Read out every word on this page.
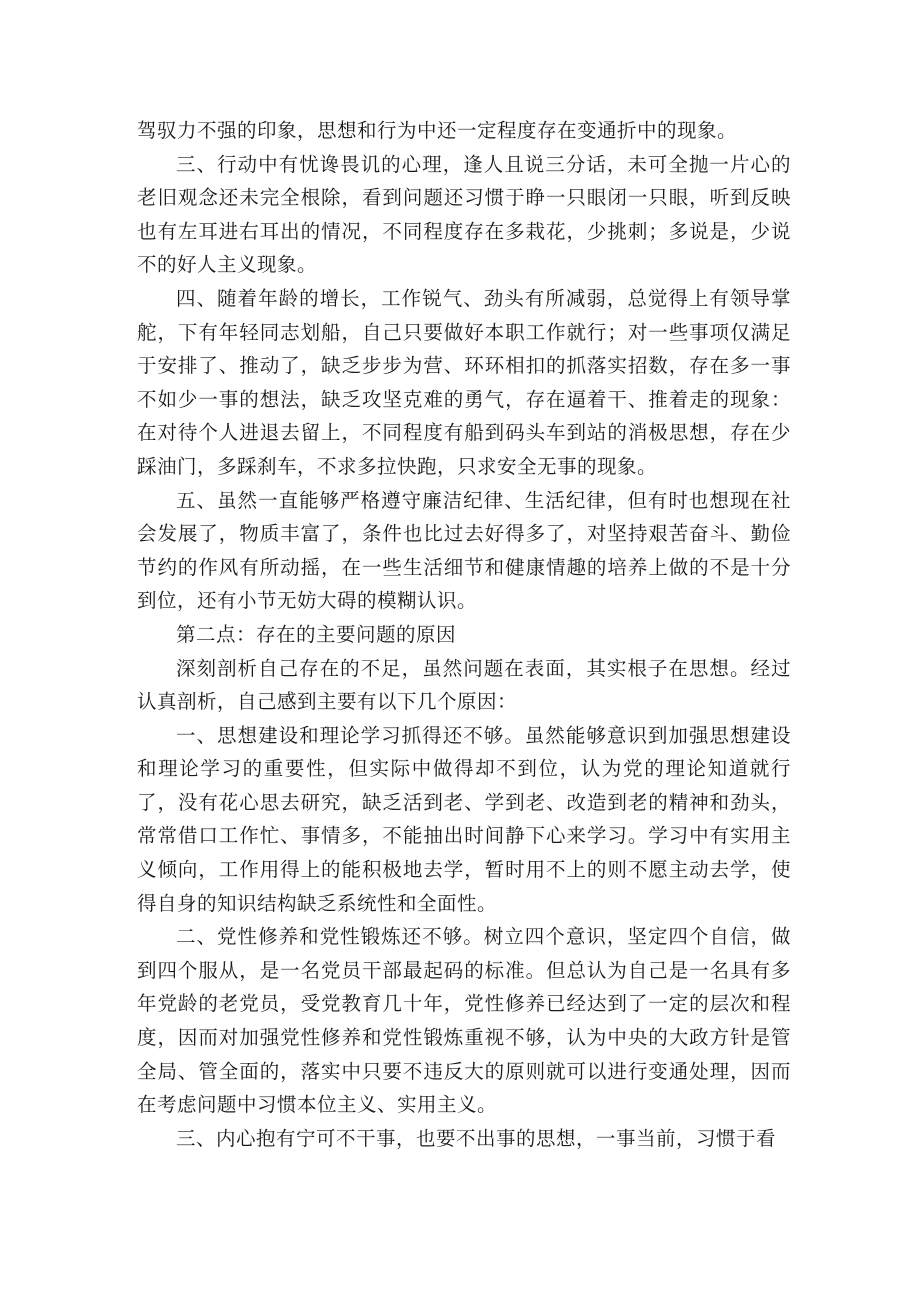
驾驭力不强的印象，思想和行为中还一定程度存在变通折中的现象。

三、行动中有忧谗畏讥的心理，逢人且说三分话，未可全抛一片心的老旧观念还未完全根除，看到问题还习惯于睁一只眼闭一只眼，听到反映也有左耳进右耳出的情况，不同程度存在多栽花，少挑刺；多说是，少说不的好人主义现象。

四、随着年龄的增长，工作锐气、劲头有所减弱，总觉得上有领导掌舵，下有年轻同志划船，自己只要做好本职工作就行；对一些事项仅满足于安排了、推动了，缺乏步步为营、环环相扣的抓落实招数，存在多一事不如少一事的想法，缺乏攻坚克难的勇气，存在逼着干、推着走的现象：在对待个人进退去留上，不同程度有船到码头车到站的消极思想，存在少踩油门，多踩刹车，不求多拉快跑，只求安全无事的现象。

五、虽然一直能够严格遵守廉洁纪律、生活纪律，但有时也想现在社会发展了，物质丰富了，条件也比过去好得多了，对坚持艰苦奋斗、勤俭节约的作风有所动摇，在一些生活细节和健康情趣的培养上做的不是十分到位，还有小节无妨大碍的模糊认识。

第二点：存在的主要问题的原因

深刻剖析自己存在的不足，虽然问题在表面，其实根子在思想。经过认真剖析，自己感到主要有以下几个原因：

一、思想建设和理论学习抓得还不够。虽然能够意识到加强思想建设和理论学习的重要性，但实际中做得却不到位，认为党的理论知道就行了，没有花心思去研究，缺乏活到老、学到老、改造到老的精神和劲头，常常借口工作忙、事情多，不能抽出时间静下心来学习。学习中有实用主义倾向，工作用得上的能积极地去学，暂时用不上的则不愿主动去学，使得自身的知识结构缺乏系统性和全面性。

二、党性修养和党性锻炼还不够。树立四个意识，坚定四个自信，做到四个服从，是一名党员干部最起码的标准。但总认为自己是一名具有多年党龄的老党员，受党教育几十年，党性修养已经达到了一定的层次和程度，因而对加强党性修养和党性锻炼重视不够，认为中央的大政方针是管全局、管全面的，落实中只要不违反大的原则就可以进行变通处理，因而在考虑问题中习惯本位主义、实用主义。

三、内心抱有宁可不干事，也要不出事的思想，一事当前，习惯于看
